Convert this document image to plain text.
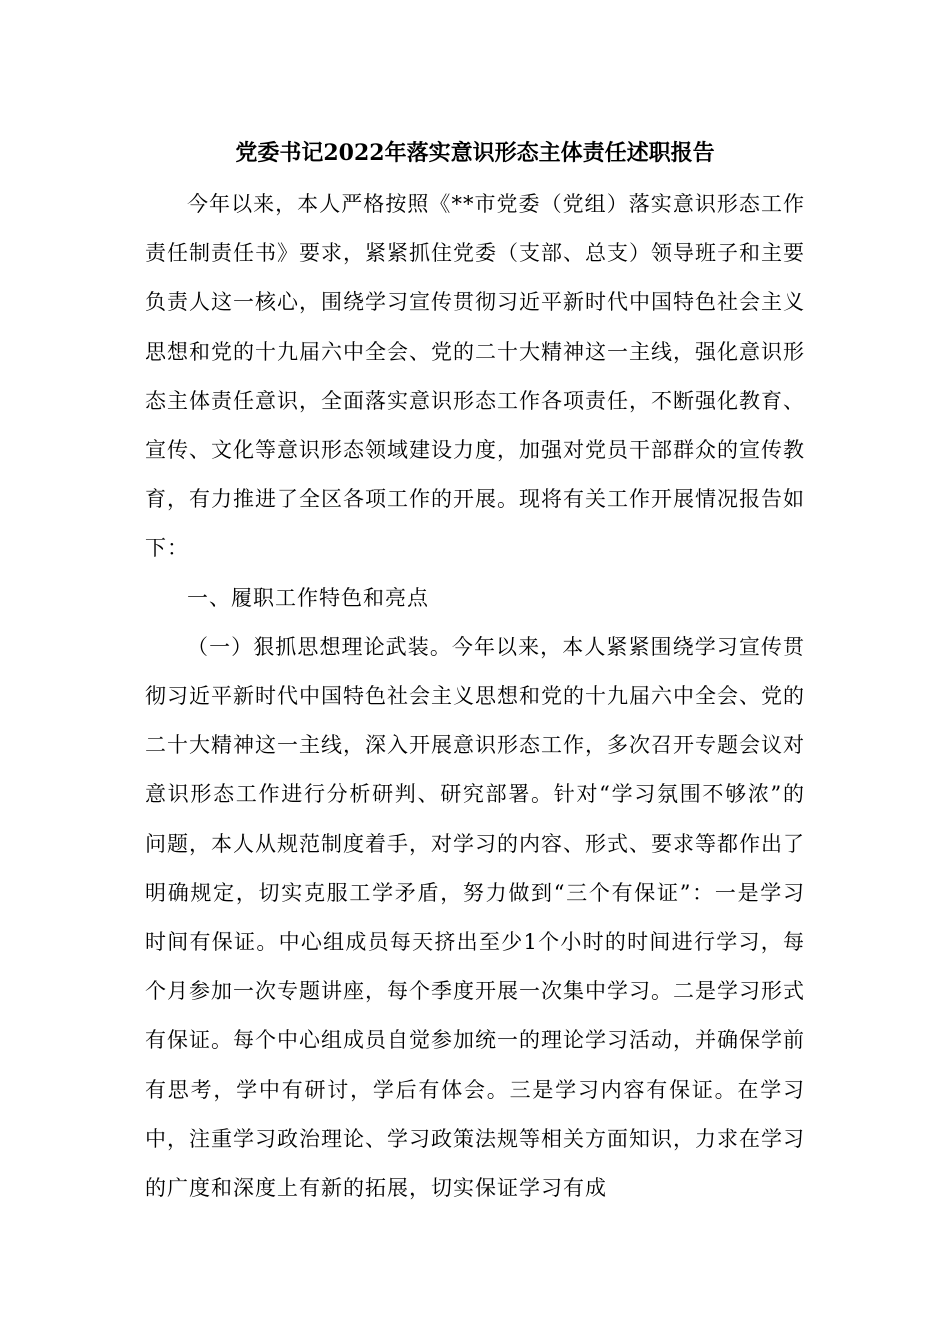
党委书记2022年落实意识形态主体责任述职报告

今年以来，本人严格按照《**市党委（党组）落实意识形态工作责任制责任书》要求，紧紧抓住党委（支部、总支）领导班子和主要负责人这一核心，围绕学习宣传贯彻习近平新时代中国特色社会主义思想和党的十九届六中全会、党的二十大精神这一主线，强化意识形态主体责任意识，全面落实意识形态工作各项责任，不断强化教育、宣传、文化等意识形态领域建设力度，加强对党员干部群众的宣传教育，有力推进了全区各项工作的开展。现将有关工作开展情况报告如下：

一、履职工作特色和亮点

（一）狠抓思想理论武装。今年以来，本人紧紧围绕学习宣传贯彻习近平新时代中国特色社会主义思想和党的十九届六中全会、党的二十大精神这一主线，深入开展意识形态工作，多次召开专题会议对意识形态工作进行分析研判、研究部署。针对“学习氛围不够浓”的问题，本人从规范制度着手，对学习的内容、形式、要求等都作出了明确规定，切实克服工学矛盾，努力做到“三个有保证”：一是学习时间有保证。中心组成员每天挤出至少1个小时的时间进行学习，每个月参加一次专题讲座，每个季度开展一次集中学习。二是学习形式有保证。每个中心组成员自觉参加统一的理论学习活动，并确保学前有思考，学中有研讨，学后有体会。三是学习内容有保证。在学习中，注重学习政治理论、学习政策法规等相关方面知识，力求在学习的广度和深度上有新的拓展，切实保证学习有成
